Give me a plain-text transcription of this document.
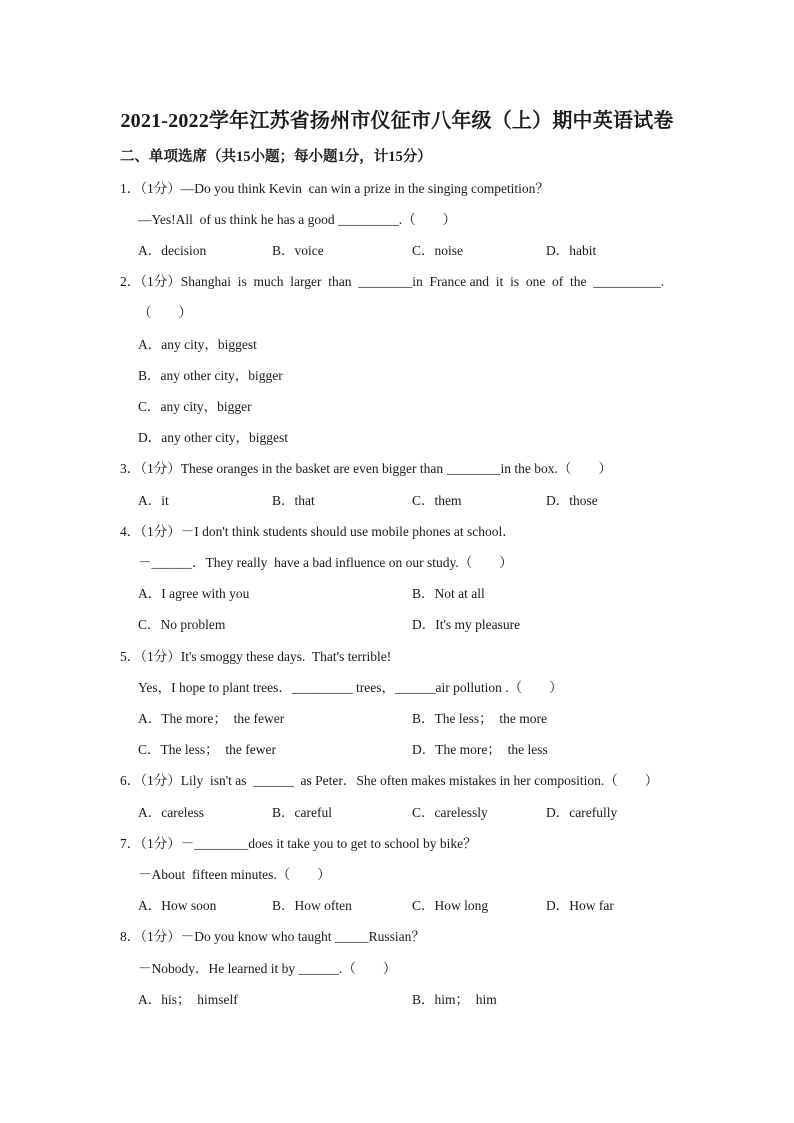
2021-2022学年江苏省扬州市仪征市八年级（上）期中英语试卷
二、单项选席（共15小题；每小题1分，计15分）
1．（1分）—Do you think Kevin  can win a prize in the singing competition？
—Yes!All  of us think he has a good _________.（　　）
A．decision	B．voice	C．noise	D．habit
2．（1分）Shanghai  is  much  larger  than  ________in  France and  it  is  one  of  the  __________.
（　　）
A．any city，biggest
B．any other city，bigger
C．any city，bigger
D．any other city，biggest
3．（1分）These oranges in the basket are even bigger than ________in the box.（　　）
A．it	B．that	C．them	D．those
4．（1分）－I don't think students should use mobile phones at school．
－______．They really  have a bad influence on our study.（　　）
A．I agree with you	B．Not at all
C．No problem	D．It's my pleasure
5．（1分）It's smoggy these days.  That's terrible!
Yes，I hope to plant trees．_________ trees，______air pollution .（　　）
A．The more；  the fewer	B．The less；  the more
C．The less；  the fewer	D．The more；  the less
6．（1分）Lily  isn't as  ______  as Peter．She often makes mistakes in her composition.（　　）
A．careless	B．careful	C．carelessly	D．carefully
7．（1分）－________does it take you to get to school by bike？
－About  fifteen minutes.（　　）
A．How soon	B．How often	C．How long	D．How far
8．（1分）－Do you know who taught _____Russian？
－Nobody．He learned it by ______.（　　）
A．his；  himself	B．him；  him
